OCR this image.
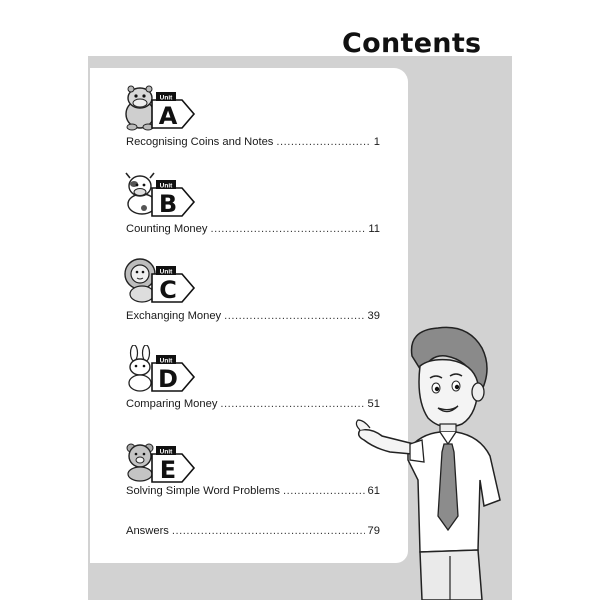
Contents
Unit
A
Unit
B
Unit
C
Unit
D
Unit
E
Recognising Coins and Notes .....	1
Counting Money .....	11
Exchanging Money .....	39
Comparing Money .....	51
Solving Simple Word Problems .....	61
Answers .....	79
